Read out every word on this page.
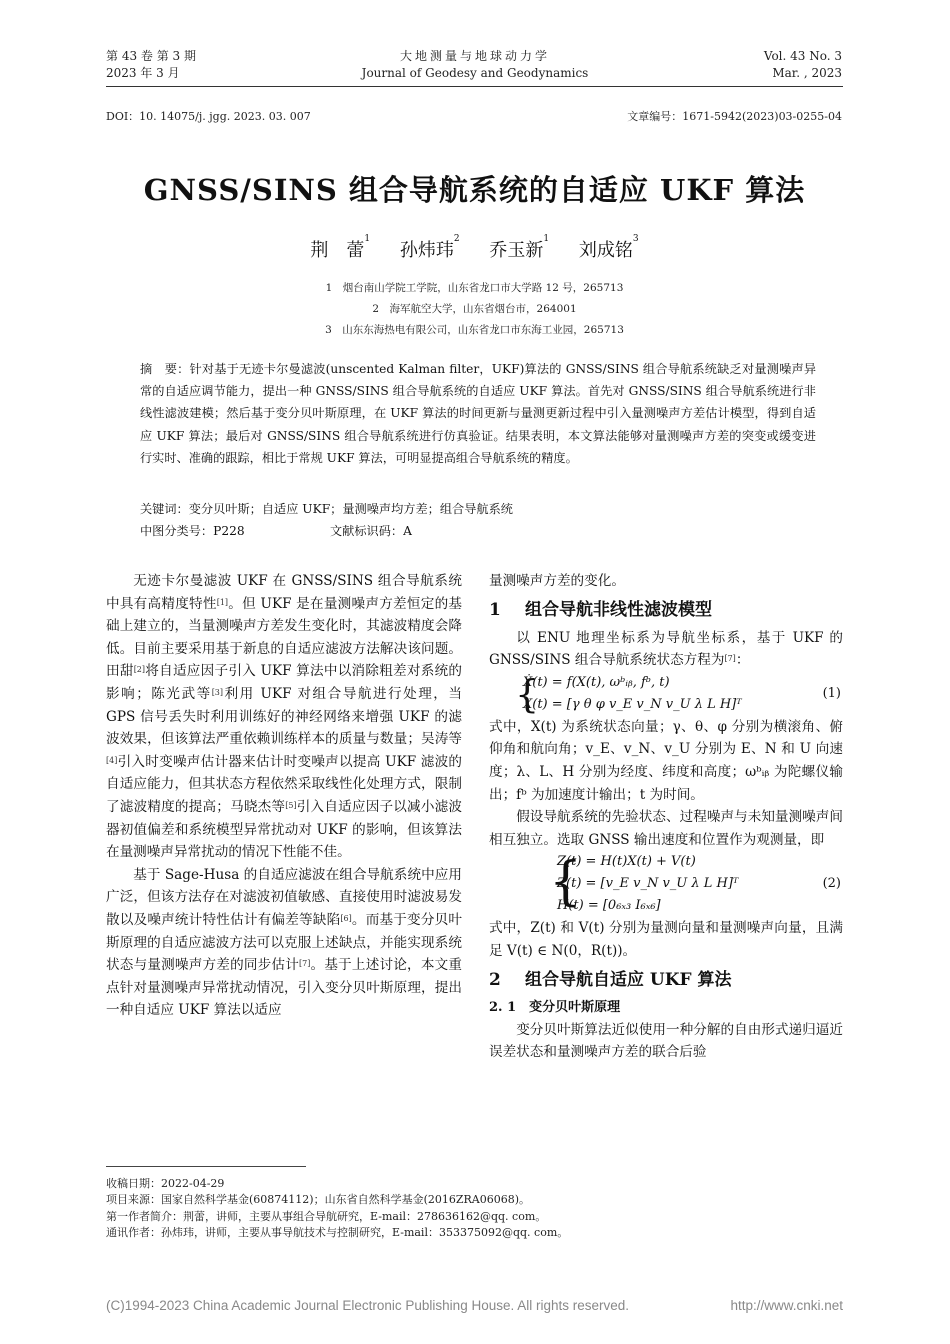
第 43 卷 第 3 期
2023 年 3 月
大地测量与地球动力学
Journal of Geodesy and Geodynamics
Vol. 43 No. 3
Mar. , 2023
DOI：10. 14075/j. jgg. 2023. 03. 007	文章编号：1671-5942(2023)03-0255-04
GNSS/SINS 组合导航系统的自适应 UKF 算法
荆　蕾$^1$ 孙炜玮$^2$ 乔玉新$^1$ 刘成铭$^3$
1　烟台南山学院工学院，山东省龙口市大学路 12 号，265713
2　海军航空大学，山东省烟台市，264001
3　山东东海热电有限公司，山东省龙口市东海工业园，265713
摘　要：针对基于无迹卡尔曼滤波(unscented Kalman filter，UKF)算法的 GNSS/SINS 组合导航系统缺乏对量测噪声异常的自适应调节能力，提出一种 GNSS/SINS 组合导航系统的自适应 UKF 算法。首先对 GNSS/SINS 组合导航系统进行非线性滤波建模；然后基于变分贝叶斯原理，在 UKF 算法的时间更新与量测更新过程中引入量测噪声方差估计模型，得到自适应 UKF 算法；最后对 GNSS/SINS 组合导航系统进行仿真验证。结果表明，本文算法能够对量测噪声方差的突变或缓变进行实时、准确的跟踪，相比于常规 UKF 算法，可明显提高组合导航系统的精度。
关键词：变分贝叶斯；自适应 UKF；量测噪声均方差；组合导航系统
中图分类号：P228	文献标识码：A

无迹卡尔曼滤波 UKF 在 GNSS/SINS 组合导航系统中具有高精度特性[1]。但 UKF 是在量测噪声方差恒定的基础上建立的，当量测噪声方差发生变化时，其滤波精度会降低。目前主要采用基于新息的自适应滤波方法解决该问题。田甜[2]将自适应因子引入 UKF 算法中以消除粗差对系统的影响；陈光武等[3]利用 UKF 对组合导航进行处理，当 GPS 信号丢失时利用训练好的神经网络来增强 UKF 的滤波效果，但该算法严重依赖训练样本的质量与数量；吴涛等[4]引入时变噪声估计器来估计时变噪声以提高 UKF 滤波的自适应能力，但其状态方程依然采取线性化处理方式，限制了滤波精度的提高；马晓杰等[5]引入自适应因子以减小滤波器初值偏差和系统模型异常扰动对 UKF 的影响，但该算法在量测噪声异常扰动的情况下性能不佳。

基于 Sage-Husa 的自适应滤波在组合导航系统中应用广泛，但该方法存在对滤波初值敏感、直接使用时滤波易发散以及噪声统计特性估计有偏差等缺陷[6]。而基于变分贝叶斯原理的自适应滤波方法可以克服上述缺点，并能实现系统状态与量测噪声方差的同步估计[7]。基于上述讨论，本文重点针对量测噪声异常扰动情况，引入变分贝叶斯原理，提出一种自适应 UKF 算法以适应

量测噪声方差的变化。
1 组合导航非线性滤波模型

以 ENU 地理坐标系为导航坐标系，基于 UKF 的 GNSS/SINS 组合导航系统状态方程为[7]：

{
Ẋ(t) = f(X(t), ωᵇᵢᵦ, fᵇ, t)
X(t) = [γ θ φ v_E v_N v_U λ L H]ᵀ
(1)
式中，X(t) 为系统状态向量；γ、θ、φ 分别为横滚角、俯仰角和航向角；v_E、v_N、v_U 分别为 E、N 和 U 向速度；λ、L、H 分别为经度、纬度和高度；ωᵇᵢᵦ 为陀螺仪输出；fᵇ 为加速度计输出；t 为时间。

假设导航系统的先验状态、过程噪声与未知量测噪声间相互独立。选取 GNSS 输出速度和位置作为观测量，即

{
Z(t) = H(t)X(t) + V(t)
Z(t) = [v_E v_N v_U λ L H]ᵀ
H(t) = [0₆ₓ₃ I₆ₓ₆]
(2)
式中，Z(t) 和 V(t) 分别为量测向量和量测噪声向量，且满足 V(t) ∈ N(0，R(t))。
2 组合导航自适应 UKF 算法
2. 1　变分贝叶斯原理

变分贝叶斯算法近似使用一种分解的自由形式递归逼近误差状态和量测噪声方差的联合后验

收稿日期：2022-04-29
项目来源：国家自然科学基金(60874112)；山东省自然科学基金(2016ZRA06068)。
第一作者简介：荆蕾，讲师，主要从事组合导航研究，E-mail：278636162@qq. com。
通讯作者：孙炜玮，讲师，主要从事导航技术与控制研究，E-mail：353375092@qq. com。
(C)1994-2023 China Academic Journal Electronic Publishing House. All rights reserved.	http://www.cnki.net
